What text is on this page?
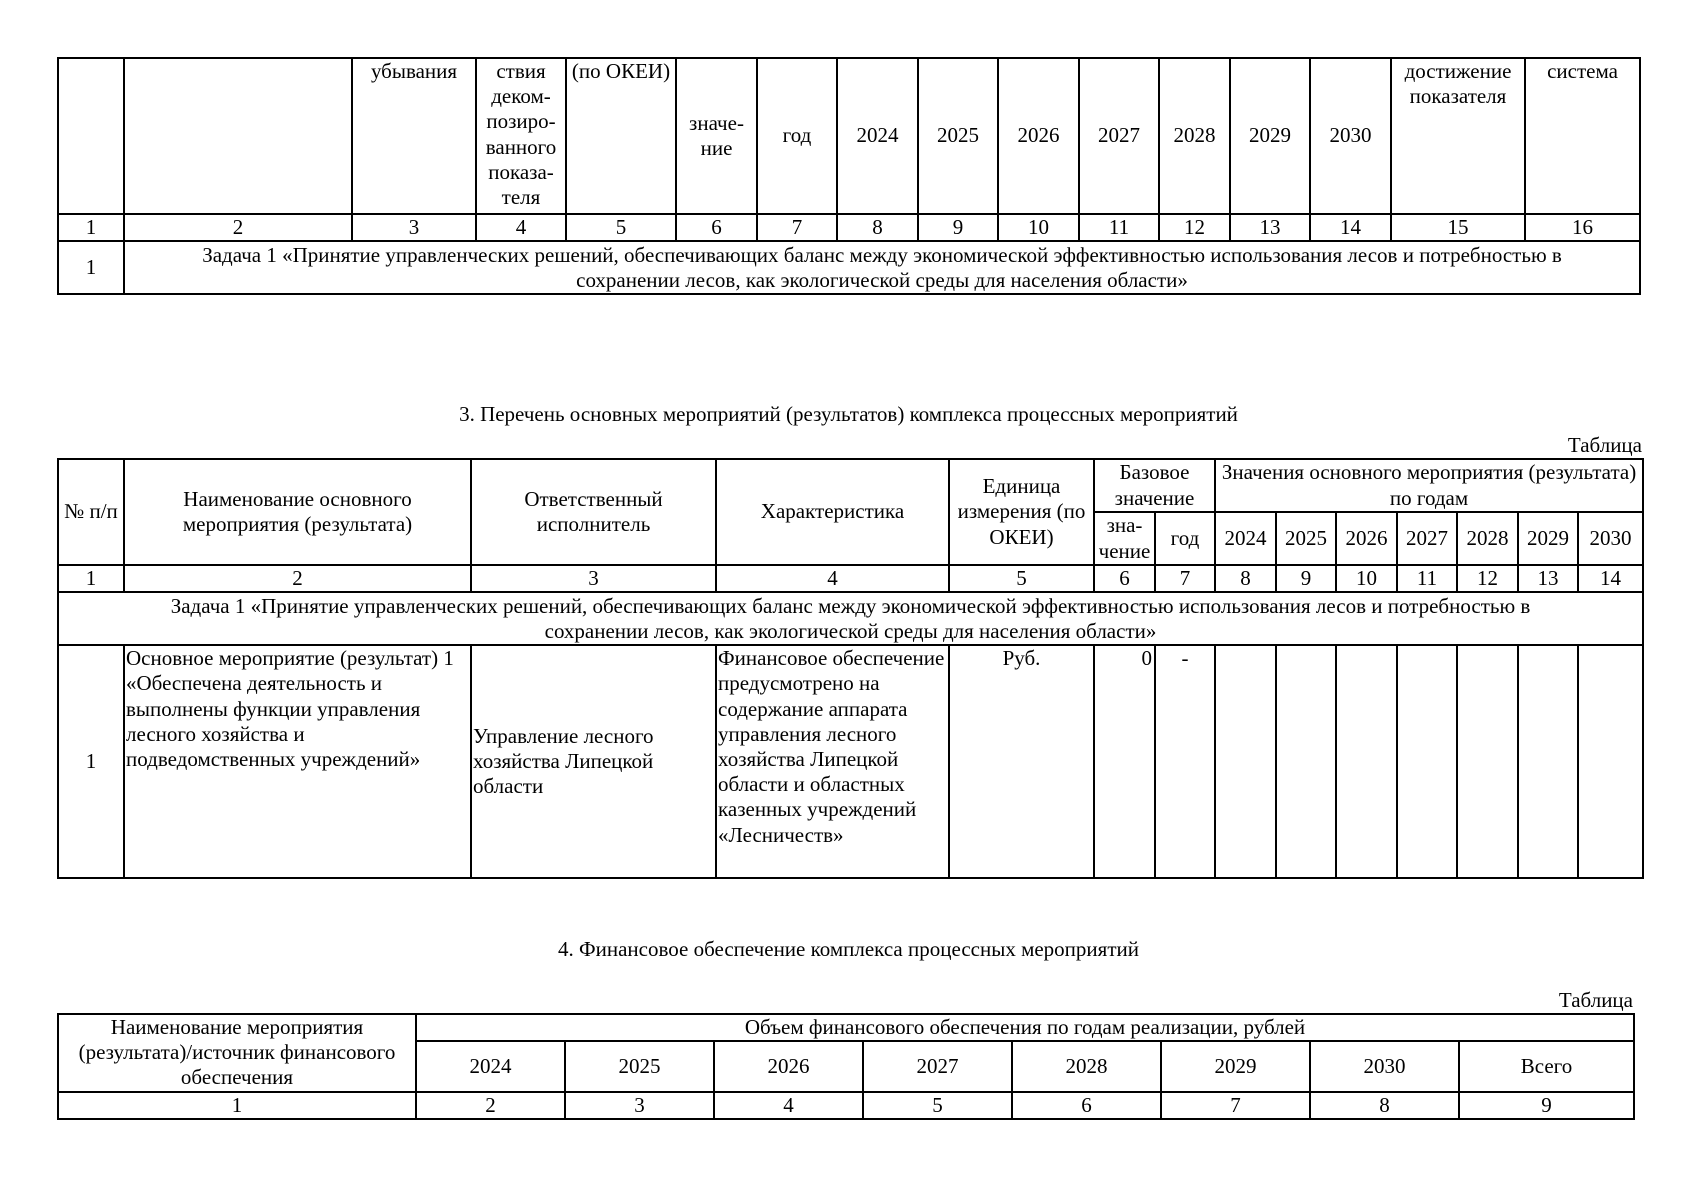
		убывания	ствия деком-позиро-ванного показа-теля	(по ОКЕИ)	значе-ние	год	2024	2025	2026	2027	2028	2029	2030	достижение показателя	система
1	2	3	4	5	6	7	8	9	10	11	12	13	14	15	16
1	Задача 1 «Принятие управленческих решений, обеспечивающих баланс между экономической эффективностью использования лесов и потребностью в сохранении лесов, как экологической среды для населения области»														
3. Перечень основных мероприятий (результатов) комплекса процессных мероприятий
Таблица
№ п/п	Наименование основного мероприятия (результата)	Ответственный исполнитель	Характеристика	Единица измерения (по ОКЕИ)	Базовое значение		Значения основного мероприятия (результата) по годам						
					зна-чение	год	2024	2025	2026	2027	2028	2029	2030
1	2	3	4	5	6	7	8	9	10	11	12	13	14
Задача 1 «Принятие управленческих решений, обеспечивающих баланс между экономической эффективностью использования лесов и потребностью в сохранении лесов, как экологической среды для населения области»													
1	Основное мероприятие (результат) 1 «Обеспечена деятельность и выполнены функции управления лесного хозяйства и подведомственных учреждений»	Управление лесного хозяйства Липецкой области	Финансовое обеспечение предусмотрено на содержание аппарата управления лесного хозяйства Липецкой области и областных казенных учреждений «Лесничеств»	Руб.	0	-							
4. Финансовое обеспечение комплекса процессных мероприятий
Таблица
Наименование мероприятия (результата)/источник финансового обеспечения	Объем финансового обеспечения по годам реализации, рублей							
	2024	2025	2026	2027	2028	2029	2030	Всего
1	2	3	4	5	6	7	8	9
